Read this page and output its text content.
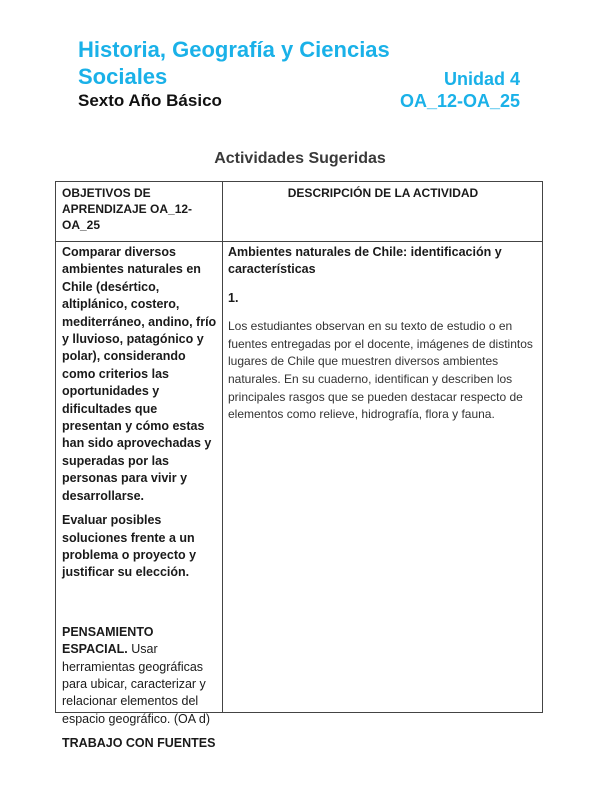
Historia, Geografía y Ciencias
Sociales	Unidad 4
Sexto Año Básico	OA_12-OA_25
Actividades Sugeridas
OBJETIVOS DE APRENDIZAJE OA_12-OA_25
DESCRIPCIÓN DE LA ACTIVIDAD

Comparar diversos ambientes naturales en Chile (desértico, altiplánico, costero, mediterráneo, andino, frío y lluvioso, patagónico y polar), considerando como criterios las oportunidades y dificultades que presentan y cómo estas han sido aprovechadas y superadas por las personas para vivir y desarrollarse.

Evaluar posibles soluciones frente a un problema o proyecto y justificar su elección.

PENSAMIENTO ESPACIAL. Usar herramientas geográficas para ubicar, caracterizar y relacionar elementos del espacio geográfico. (OA d)

TRABAJO CON FUENTES

Ambientes naturales de Chile: identificación y características

1.

Los estudiantes observan en su texto de estudio o en fuentes entregadas por el docente, imágenes de distintos lugares de Chile que muestren diversos ambientes naturales. En su cuaderno, identifican y describen los principales rasgos que se pueden destacar respecto de elementos como relieve, hidrografía, flora y fauna.
